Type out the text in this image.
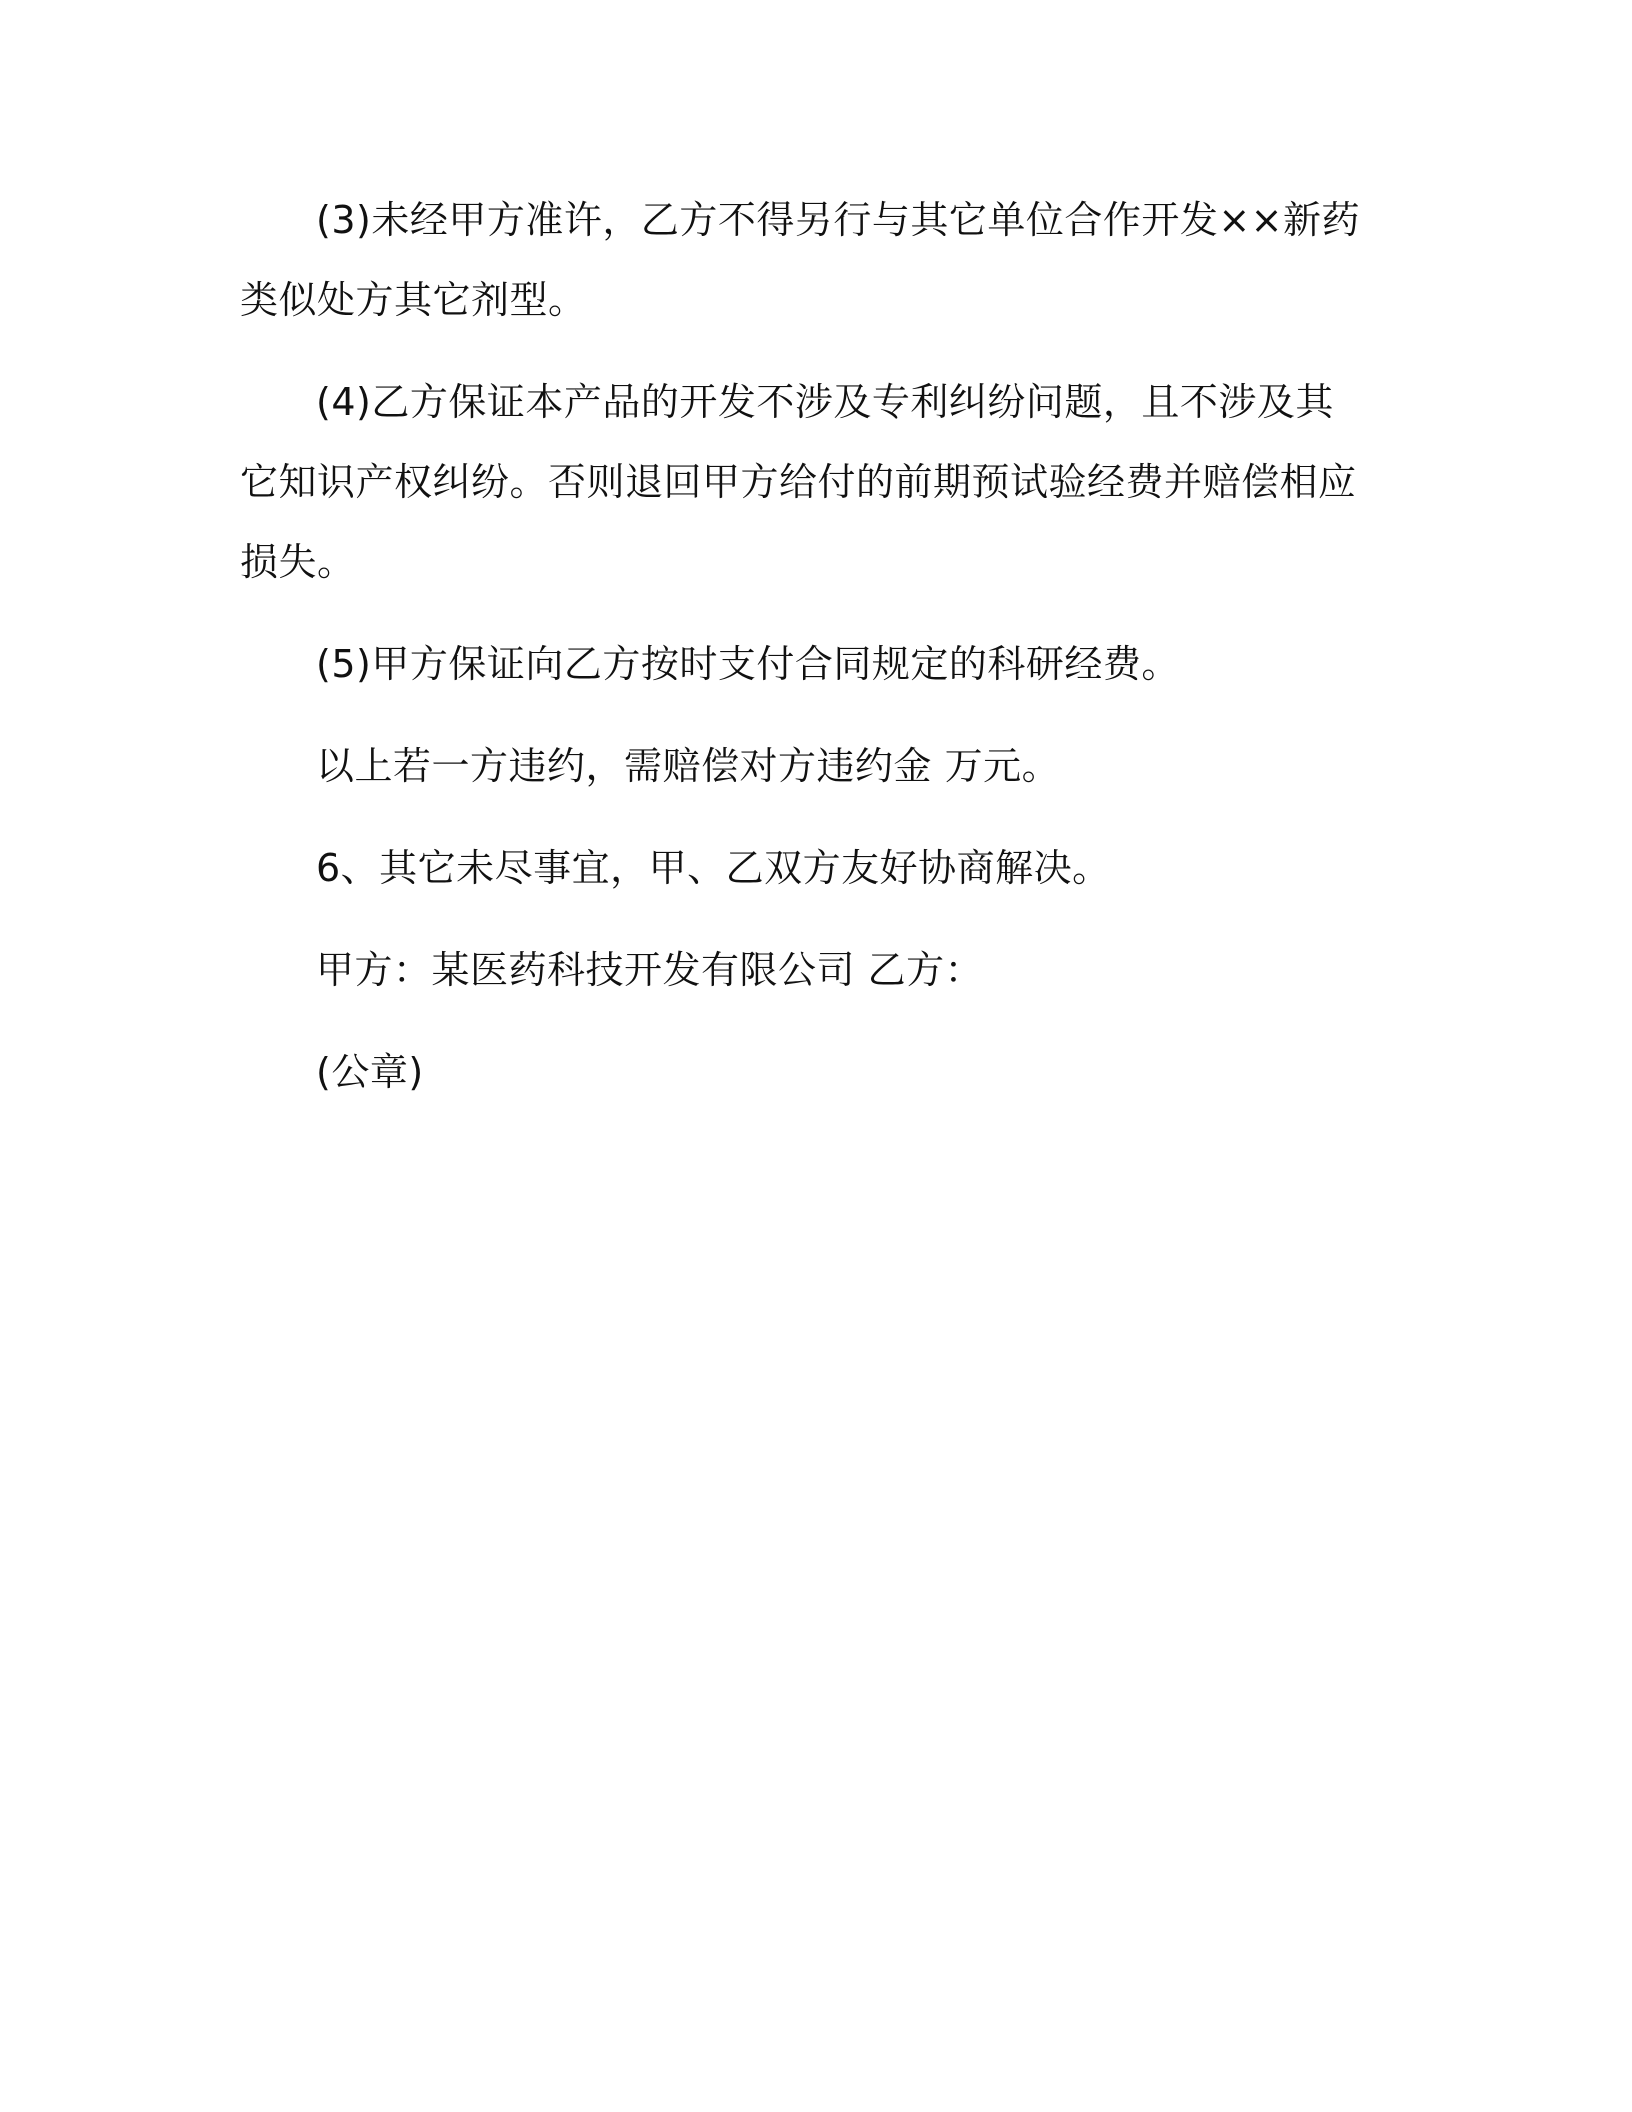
(3)未经甲方准许，乙方不得另行与其它单位合作开发××新药类似处方其它剂型。

(4)乙方保证本产品的开发不涉及专利纠纷问题，且不涉及其它知识产权纠纷。否则退回甲方给付的前期预试验经费并赔偿相应损失。

(5)甲方保证向乙方按时支付合同规定的科研经费。

以上若一方违约，需赔偿对方违约金 万元。

6、其它未尽事宜，甲、乙双方友好协商解决。

甲方：某医药科技开发有限公司 乙方：

(公章)
